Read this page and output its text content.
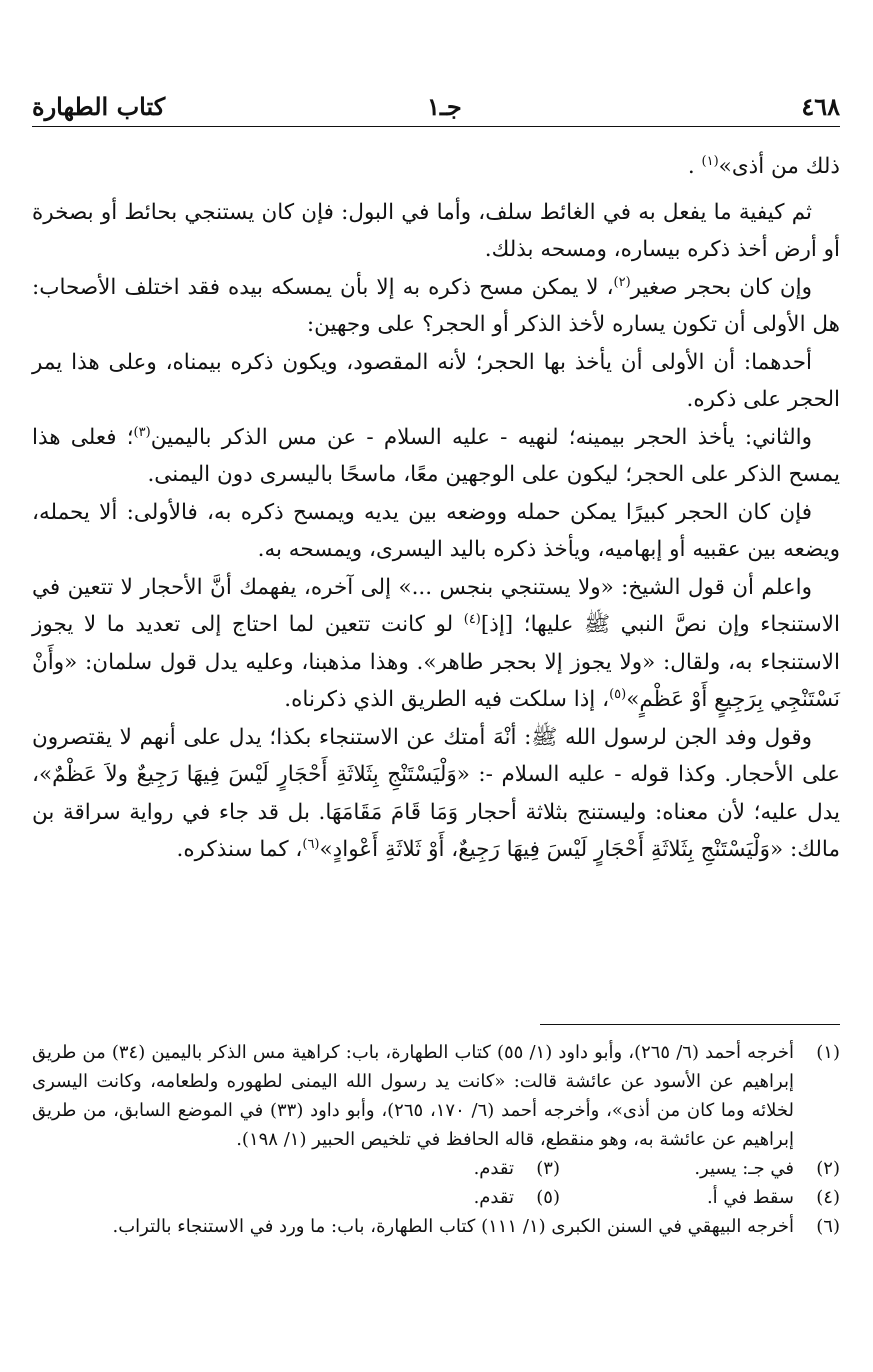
٤٦٨
جـ١
كتاب الطهارة

ذلك من أذى»$^{(١)}$ .

ثم كيفية ما يفعل به في الغائط سلف، وأما في البول: فإن كان يستنجي بحائط أو بصخرة أو أرض أخذ ذكره بيساره، ومسحه بذلك.

وإن كان بحجر صغير$^{(٢)}$، لا يمكن مسح ذكره به إلا بأن يمسكه بيده فقد اختلف الأصحاب: هل الأولى أن تكون يساره لأخذ الذكر أو الحجر؟ على وجهين:

أحدهما: أن الأولى أن يأخذ بها الحجر؛ لأنه المقصود، ويكون ذكره بيمناه، وعلى هذا يمر الحجر على ذكره.

والثاني: يأخذ الحجر بيمينه؛ لنهيه - عليه السلام - عن مس الذكر باليمين$^{(٣)}$؛ فعلى هذا يمسح الذكر على الحجر؛ ليكون على الوجهين معًا، ماسحًا باليسرى دون اليمنى.

فإن كان الحجر كبيرًا يمكن حمله ووضعه بين يديه ويمسح ذكره به، فالأولى: ألا يحمله، ويضعه بين عقبيه أو إبهاميه، ويأخذ ذكره باليد اليسرى، ويمسحه به.

واعلم أن قول الشيخ: «ولا يستنجي بنجس ...» إلى آخره، يفهمك أنَّ الأحجار لا تتعين في الاستنجاء وإن نصَّ النبي ﷺ عليها؛ [إذ]$^{(٤)}$ لو كانت تتعين لما احتاج إلى تعديد ما لا يجوز الاستنجاء به، ولقال: «ولا يجوز إلا بحجر طاهر». وهذا مذهبنا، وعليه يدل قول سلمان: «وأَنْ نَسْتَنْجِي بِرَجِيعٍ أَوْ عَظْمٍ»$^{(٥)}$، إذا سلكت فيه الطريق الذي ذكرناه.

وقول وفد الجن لرسول الله ﷺ: أنْهَ أمتك عن الاستنجاء بكذا؛ يدل على أنهم لا يقتصرون على الأحجار. وكذا قوله - عليه السلام -: «وَلْيَسْتَنْجِ بِثَلاثَةِ أَحْجَارٍ لَيْسَ فِيهَا رَجِيعٌ ولاَ عَظْمٌ»، يدل عليه؛ لأن معناه: وليستنج بثلاثة أحجار وَمَا قَامَ مَقَامَهَا. بل قد جاء في رواية سراقة بن مالك: «وَلْيَسْتَنْجِ بِثَلاثَةِ أَحْجَارٍ لَيْسَ فِيهَا رَجِيعٌ، أَوْ ثَلاثَةِ أَعْوادٍ»$^{(٦)}$، كما سنذكره.

(١)
أخرجه أحمد (٦/ ٢٦٥)، وأبو داود (١/ ٥٥) كتاب الطهارة، باب: كراهية مس الذكر باليمين (٣٤) من طريق إبراهيم عن الأسود عن عائشة قالت: «كانت يد رسول الله اليمنى لطهوره ولطعامه، وكانت اليسرى لخلائه وما كان من أذى»، وأخرجه أحمد (٦/ ١٧٠، ٢٦٥)، وأبو داود (٣٣) في الموضع السابق، من طريق إبراهيم عن عائشة به، وهو منقطع، قاله الحافظ في تلخيص الحبير (١/ ١٩٨).
(٢)
في جـ: يسير.
(٣)
تقدم.
(٤)
سقط في أ.
(٥)
تقدم.
(٦)
أخرجه البيهقي في السنن الكبرى (١/ ١١١) كتاب الطهارة، باب: ما ورد في الاستنجاء بالتراب.
